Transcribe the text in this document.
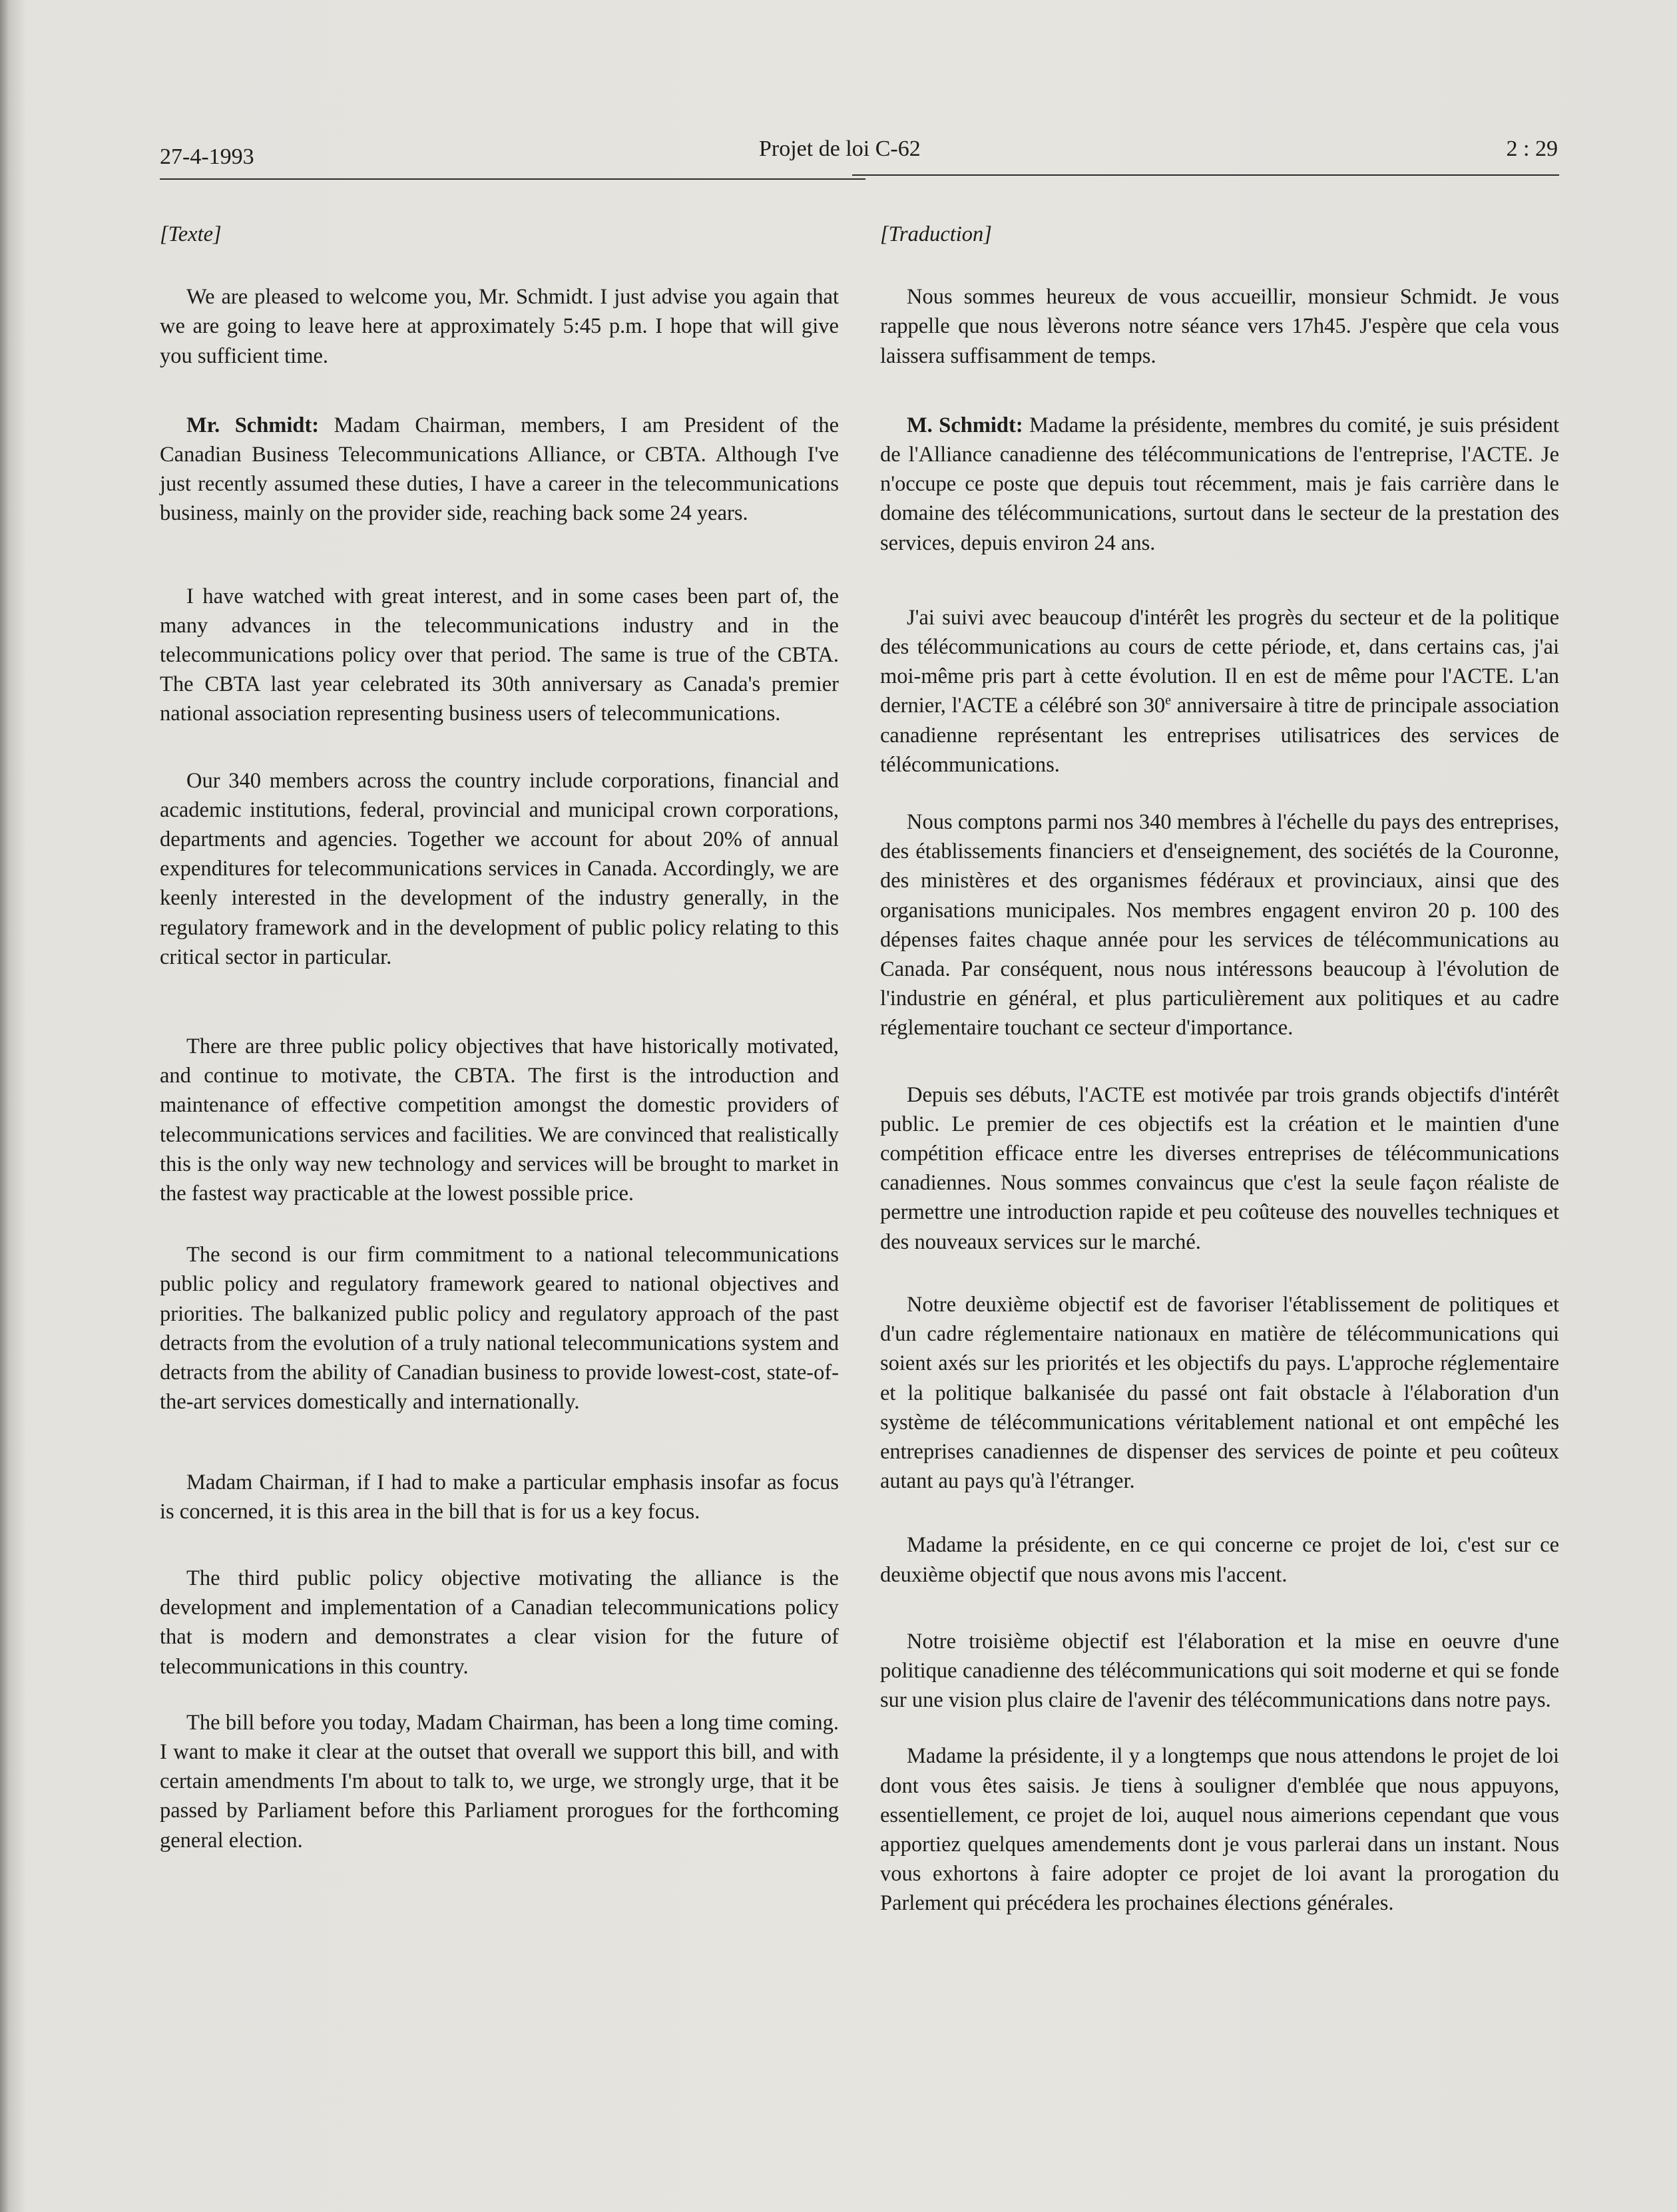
27-4-1993	Projet de loi C-62	2 : 29
[Texte]

We are pleased to welcome you, Mr. Schmidt. I just advise you again that we are going to leave here at approximately 5:45 p.m. I hope that will give you sufficient time.

Mr. Schmidt: Madam Chairman, members, I am President of the Canadian Business Telecommunications Alliance, or CBTA. Although I've just recently assumed these duties, I have a career in the telecommunications business, mainly on the provider side, reaching back some 24 years.

I have watched with great interest, and in some cases been part of, the many advances in the telecommunications industry and in the telecommunications policy over that period. The same is true of the CBTA. The CBTA last year celebrated its 30th anniversary as Canada's premier national association representing business users of telecommunications.

Our 340 members across the country include corporations, financial and academic institutions, federal, provincial and municipal crown corporations, departments and agencies. Together we account for about 20% of annual expenditures for telecommunications services in Canada. Accordingly, we are keenly interested in the development of the industry generally, in the regulatory framework and in the development of public policy relating to this critical sector in particular.

There are three public policy objectives that have historically motivated, and continue to motivate, the CBTA. The first is the introduction and maintenance of effective competition amongst the domestic providers of telecommunications services and facilities. We are convinced that realistically this is the only way new technology and services will be brought to market in the fastest way practicable at the lowest possible price.

The second is our firm commitment to a national telecommunications public policy and regulatory framework geared to national objectives and priorities. The balkanized public policy and regulatory approach of the past detracts from the evolution of a truly national telecommunications system and detracts from the ability of Canadian business to provide lowest-cost, state-of-the-art services domestically and internationally.

Madam Chairman, if I had to make a particular emphasis insofar as focus is concerned, it is this area in the bill that is for us a key focus.

The third public policy objective motivating the alliance is the development and implementation of a Canadian telecommunications policy that is modern and demonstrates a clear vision for the future of telecommunications in this country.

The bill before you today, Madam Chairman, has been a long time coming. I want to make it clear at the outset that overall we support this bill, and with certain amendments I'm about to talk to, we urge, we strongly urge, that it be passed by Parliament before this Parliament prorogues for the forthcoming general election.

[Traduction]

Nous sommes heureux de vous accueillir, monsieur Schmidt. Je vous rappelle que nous lèverons notre séance vers 17h45. J'espère que cela vous laissera suffisamment de temps.

M. Schmidt: Madame la présidente, membres du comité, je suis président de l'Alliance canadienne des télécommunications de l'entreprise, l'ACTE. Je n'occupe ce poste que depuis tout récemment, mais je fais carrière dans le domaine des télécommunications, surtout dans le secteur de la prestation des services, depuis environ 24 ans.

J'ai suivi avec beaucoup d'intérêt les progrès du secteur et de la politique des télécommunications au cours de cette période, et, dans certains cas, j'ai moi-même pris part à cette évolution. Il en est de même pour l'ACTE. L'an dernier, l'ACTE a célébré son 30e anniversaire à titre de principale association canadienne représentant les entreprises utilisatrices des services de télécommunications.

Nous comptons parmi nos 340 membres à l'échelle du pays des entreprises, des établissements financiers et d'enseignement, des sociétés de la Couronne, des ministères et des organismes fédéraux et provinciaux, ainsi que des organisations municipales. Nos membres engagent environ 20 p. 100 des dépenses faites chaque année pour les services de télécommunications au Canada. Par conséquent, nous nous intéressons beaucoup à l'évolution de l'industrie en général, et plus particulièrement aux politiques et au cadre réglementaire touchant ce secteur d'importance.

Depuis ses débuts, l'ACTE est motivée par trois grands objectifs d'intérêt public. Le premier de ces objectifs est la création et le maintien d'une compétition efficace entre les diverses entreprises de télécommunications canadiennes. Nous sommes convaincus que c'est la seule façon réaliste de permettre une introduction rapide et peu coûteuse des nouvelles techniques et des nouveaux services sur le marché.

Notre deuxième objectif est de favoriser l'établissement de politiques et d'un cadre réglementaire nationaux en matière de télécommunications qui soient axés sur les priorités et les objectifs du pays. L'approche réglementaire et la politique balkanisée du passé ont fait obstacle à l'élaboration d'un système de télécommunications véritablement national et ont empêché les entreprises canadiennes de dispenser des services de pointe et peu coûteux autant au pays qu'à l'étranger.

Madame la présidente, en ce qui concerne ce projet de loi, c'est sur ce deuxième objectif que nous avons mis l'accent.

Notre troisième objectif est l'élaboration et la mise en oeuvre d'une politique canadienne des télécommunications qui soit moderne et qui se fonde sur une vision plus claire de l'avenir des télécommunications dans notre pays.

Madame la présidente, il y a longtemps que nous attendons le projet de loi dont vous êtes saisis. Je tiens à souligner d'emblée que nous appuyons, essentiellement, ce projet de loi, auquel nous aimerions cependant que vous apportiez quelques amendements dont je vous parlerai dans un instant. Nous vous exhortons à faire adopter ce projet de loi avant la prorogation du Parlement qui précédera les prochaines élections générales.
